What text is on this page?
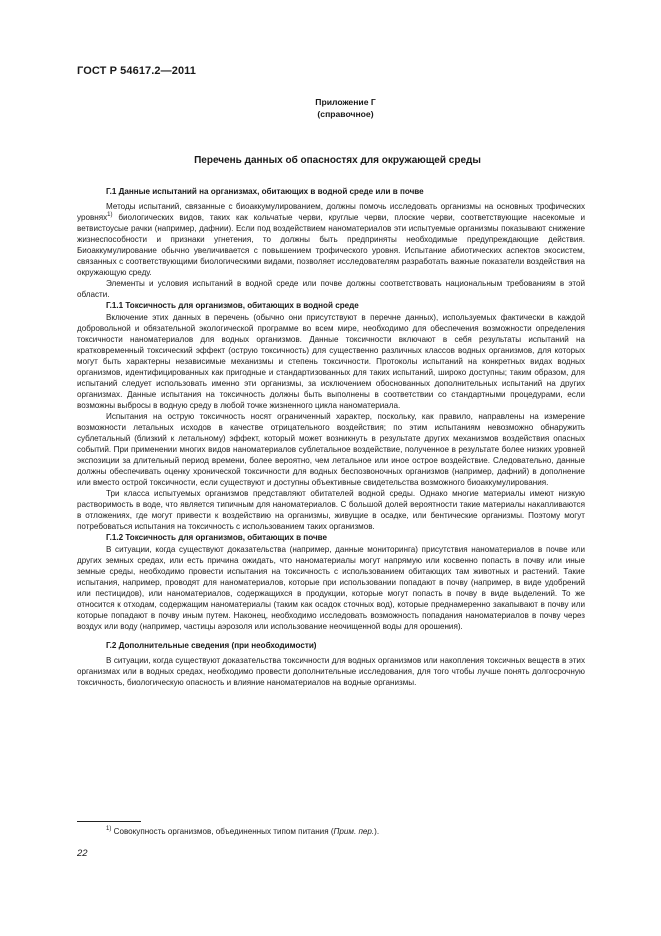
ГОСТ Р 54617.2—2011
Приложение Г
(справочное)
Перечень данных об опасностях для окружающей среды
Г.1 Данные испытаний на организмах, обитающих в водной среде или в почве

Методы испытаний, связанные с биоаккумулированием, должны помочь исследовать организмы на основных трофических уровнях$^{1)}$ биологических видов, таких как кольчатые черви, круглые черви, плоские черви, соответствующие насекомые и ветвистоусые рачки (например, дафнии). Если под воздействием наноматериалов эти испытуемые организмы показывают снижение жизнеспособности и признаки угнетения, то должны быть предприняты необходимые предупреждающие действия. Биоаккумулирование обычно увеличивается с повышением трофического уровня. Испытание абиотических аспектов экосистем, связанных с соответствующими биологическими видами, позволяет исследователям разработать важные показатели воздействия на окружающую среду.

Элементы и условия испытаний в водной среде или почве должны соответствовать национальным требованиям в этой области.

Г.1.1 Токсичность для организмов, обитающих в водной среде

Включение этих данных в перечень (обычно они присутствуют в перечне данных), используемых фактически в каждой добровольной и обязательной экологической программе во всем мире, необходимо для обеспечения возможности определения токсичности наноматериалов для водных организмов. Данные токсичности включают в себя результаты испытаний на кратковременный токсический эффект (острую токсичность) для существенно различных классов водных организмов, для которых могут быть характерны независимые механизмы и степень токсичности. Протоколы испытаний на конкретных видах водных организмов, идентифицированных как пригодные и стандартизованных для таких испытаний, широко доступны; таким образом, для испытаний следует использовать именно эти организмы, за исключением обоснованных дополнительных испытаний на других организмах. Данные испытания на токсичность должны быть выполнены в соответствии со стандартными процедурами, если возможны выбросы в водную среду в любой точке жизненного цикла наноматериала.

Испытания на острую токсичность носят ограниченный характер, поскольку, как правило, направлены на измерение возможности летальных исходов в качестве отрицательного воздействия; по этим испытаниям невозможно обнаружить сублетальный (близкий к летальному) эффект, который может возникнуть в результате других механизмов воздействия опасных событий. При применении многих видов наноматериалов сублетальное воздействие, полученное в результате более низких уровней экспозиции за длительный период времени, более вероятно, чем летальное или иное острое воздействие. Следовательно, данные должны обеспечивать оценку хронической токсичности для водных беспозвоночных организмов (например, дафний) в дополнение или вместо острой токсичности, если существуют и доступны объективные свидетельства возможного биоаккумулирования.

Три класса испытуемых организмов представляют обитателей водной среды. Однако многие материалы имеют низкую растворимость в воде, что является типичным для наноматериалов. С большой долей вероятности такие материалы накапливаются в отложениях, где могут привести к воздействию на организмы, живущие в осадке, или бентические организмы. Поэтому могут потребоваться испытания на токсичность с использованием таких организмов.

Г.1.2 Токсичность для организмов, обитающих в почве

В ситуации, когда существуют доказательства (например, данные мониторинга) присутствия наноматериалов в почве или других земных средах, или есть причина ожидать, что наноматериалы могут напрямую или косвенно попасть в почву или иные земные среды, необходимо провести испытания на токсичность с использованием обитающих там животных и растений. Такие испытания, например, проводят для наноматериалов, которые при использовании попадают в почву (например, в виде удобрений или пестицидов), или наноматериалов, содержащихся в продукции, которые могут попасть в почву в виде выделений. То же относится к отходам, содержащим наноматериалы (таким как осадок сточных вод), которые преднамеренно закапывают в почву или которые попадают в почву иным путем. Наконец, необходимо исследовать возможность попадания наноматериалов в почву через воздух или воду (например, частицы аэрозоля или использование неочищенной воды для орошения).

Г.2 Дополнительные сведения (при необходимости)

В ситуации, когда существуют доказательства токсичности для водных организмов или накопления токсичных веществ в этих организмах или в водных средах, необходимо провести дополнительные исследования, для того чтобы лучше понять долгосрочную токсичность, биологическую опасность и влияние наноматериалов на водные организмы.

$^{1)}$ Совокупность организмов, объединенных типом питания (Прим. пер.).
22
